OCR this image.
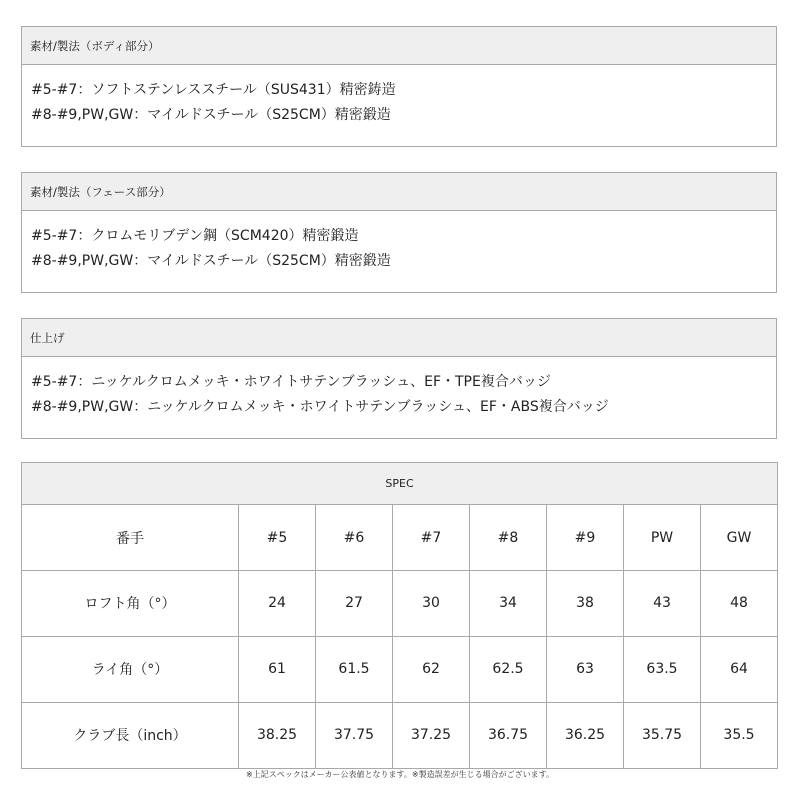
素材/製法（ボディ部分）

#5-#7：ソフトステンレススチール（SUS431）精密鋳造

#8-#9,PW,GW：マイルドスチール（S25CM）精密鍛造

素材/製法（フェース部分）

#5-#7：クロムモリブデン鋼（SCM420）精密鍛造

#8-#9,PW,GW：マイルドスチール（S25CM）精密鍛造

仕上げ

#5-#7：ニッケルクロムメッキ・ホワイトサテンブラッシュ、EF・TPE複合バッジ

#8-#9,PW,GW：ニッケルクロムメッキ・ホワイトサテンブラッシュ、EF・ABS複合バッジ

SPEC							
番手	#5	#6	#7	#8	#9	PW	GW
ロフト角（°）	24	27	30	34	38	43	48
ライ角（°）	61	61.5	62	62.5	63	63.5	64
クラブ長（inch）	38.25	37.75	37.25	36.75	36.25	35.75	35.5
※上記スペックはメーカー公表値となります。※製造誤差が生じる場合がございます。
